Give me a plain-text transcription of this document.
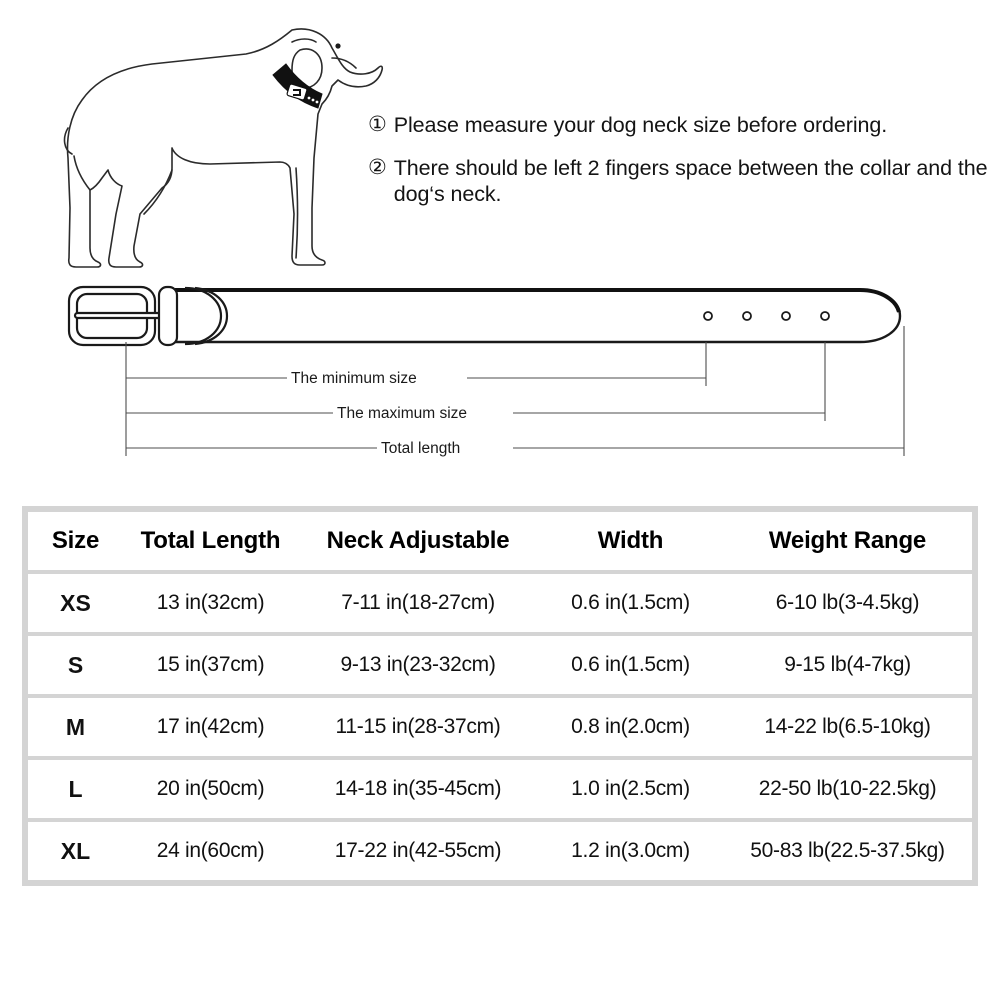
① Please measure your dog neck size before ordering.
② There should be left 2 fingers space between the collar and the dog‘s neck.
The minimum size
The maximum size
Total length
Size	Total Length	Neck Adjustable	Width	Weight Range
XS	13 in(32cm)	7-11 in(18-27cm)	0.6 in(1.5cm)	6-10 lb(3-4.5kg)
S	15 in(37cm)	9-13 in(23-32cm)	0.6 in(1.5cm)	9-15 lb(4-7kg)
M	17 in(42cm)	11-15 in(28-37cm)	0.8 in(2.0cm)	14-22 lb(6.5-10kg)
L	20 in(50cm)	14-18 in(35-45cm)	1.0 in(2.5cm)	22-50 lb(10-22.5kg)
XL	24 in(60cm)	17-22 in(42-55cm)	1.2 in(3.0cm)	50-83 lb(22.5-37.5kg)
